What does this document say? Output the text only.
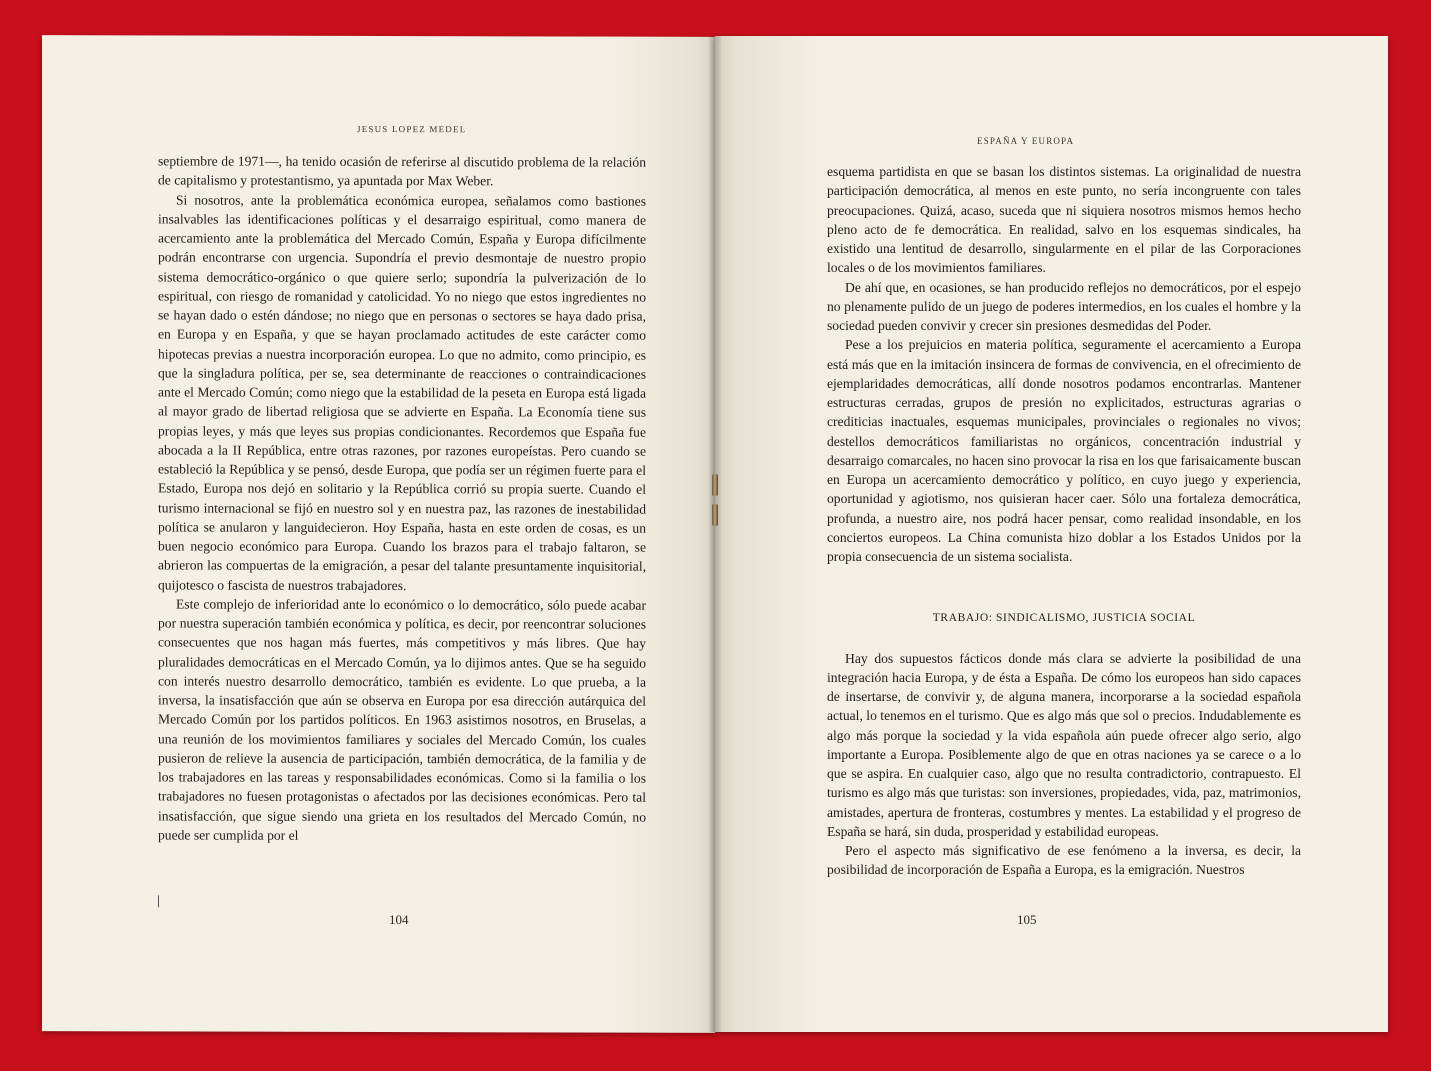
JESUS LOPEZ MEDEL

septiembre de 1971—, ha tenido ocasión de referirse al discutido problema de la relación de capitalismo y protestantismo, ya apuntada por Max Weber.

Si nosotros, ante la problemática económica europea, señalamos como bastiones insalvables las identificaciones políticas y el desarraigo espiritual, como manera de acercamiento ante la problemática del Mercado Común, España y Europa difícilmente podrán encontrarse con urgencia. Supondría el previo desmontaje de nuestro propio sistema democrático-orgánico o que quiere serlo; supondría la pulverización de lo espiritual, con riesgo de romanidad y catolicidad. Yo no niego que estos ingredientes no se hayan dado o estén dándose; no niego que en personas o sectores se haya dado prisa, en Europa y en España, y que se hayan proclamado actitudes de este carácter como hipotecas previas a nuestra incorporación europea. Lo que no admito, como principio, es que la singladura política, per se, sea determinante de reacciones o contraindicaciones ante el Mercado Común; como niego que la estabilidad de la peseta en Europa está ligada al mayor grado de libertad religiosa que se advierte en España. La Economía tiene sus propias leyes, y más que leyes sus propias condicionantes. Recordemos que España fue abocada a la II República, entre otras razones, por razones europeístas. Pero cuando se estableció la República y se pensó, desde Europa, que podía ser un régimen fuerte para el Estado, Europa nos dejó en solitario y la República corrió su propia suerte. Cuando el turismo internacional se fijó en nuestro sol y en nuestra paz, las razones de inestabilidad política se anularon y languidecieron. Hoy España, hasta en este orden de cosas, es un buen negocio económico para Europa. Cuando los brazos para el trabajo faltaron, se abrieron las compuertas de la emigración, a pesar del talante presuntamente inquisitorial, quijotesco o fascista de nuestros trabajadores.

Este complejo de inferioridad ante lo económico o lo democrático, sólo puede acabar por nuestra superación también económica y política, es decir, por reencontrar soluciones consecuentes que nos hagan más fuertes, más competitivos y más libres. Que hay pluralidades democráticas en el Mercado Común, ya lo dijimos antes. Que se ha seguido con interés nuestro desarrollo democrático, también es evidente. Lo que prueba, a la inversa, la insatisfacción que aún se observa en Europa por esa dirección autárquica del Mercado Común por los partidos políticos. En 1963 asistimos nosotros, en Bruselas, a una reunión de los movimientos familiares y sociales del Mercado Común, los cuales pusieron de relieve la ausencia de participación, también democrática, de la familia y de los trabajadores en las tareas y responsabilidades económicas. Como si la familia o los trabajadores no fuesen protagonistas o afectados por las decisiones económicas. Pero tal insatisfacción, que sigue siendo una grieta en los resultados del Mercado Común, no puede ser cumplida por el

104
ESPAÑA Y EUROPA

esquema partidista en que se basan los distintos sistemas. La originalidad de nuestra participación democrática, al menos en este punto, no sería incongruente con tales preocupaciones. Quizá, acaso, suceda que ni siquiera nosotros mismos hemos hecho pleno acto de fe democrática. En realidad, salvo en los esquemas sindicales, ha existido una lentitud de desarrollo, singularmente en el pilar de las Corporaciones locales o de los movimientos familiares.

De ahí que, en ocasiones, se han producido reflejos no democráticos, por el espejo no plenamente pulido de un juego de poderes intermedios, en los cuales el hombre y la sociedad pueden convivir y crecer sin presiones desmedidas del Poder.

Pese a los prejuicios en materia política, seguramente el acercamiento a Europa está más que en la imitación insincera de formas de convivencia, en el ofrecimiento de ejemplaridades democráticas, allí donde nosotros podamos encontrarlas. Mantener estructuras cerradas, grupos de presión no explicitados, estructuras agrarias o crediticias inactuales, esquemas municipales, provinciales o regionales no vivos; destellos democráticos familiaristas no orgánicos, concentración industrial y desarraigo comarcales, no hacen sino provocar la risa en los que farisaicamente buscan en Europa un acercamiento democrático y político, en cuyo juego y experiencia, oportunidad y agiotismo, nos quisieran hacer caer. Sólo una fortaleza democrática, profunda, a nuestro aire, nos podrá hacer pensar, como realidad insondable, en los conciertos europeos. La China comunista hizo doblar a los Estados Unidos por la propia consecuencia de un sistema socialista.

TRABAJO: SINDICALISMO, JUSTICIA SOCIAL

Hay dos supuestos fácticos donde más clara se advierte la posibilidad de una integración hacia Europa, y de ésta a España. De cómo los europeos han sido capaces de insertarse, de convivir y, de alguna manera, incorporarse a la sociedad española actual, lo tenemos en el turismo. Que es algo más que sol o precios. Indudablemente es algo más porque la sociedad y la vida española aún puede ofrecer algo serio, algo importante a Europa. Posiblemente algo de que en otras naciones ya se carece o a lo que se aspira. En cualquier caso, algo que no resulta contradictorio, contrapuesto. El turismo es algo más que turistas: son inversiones, propiedades, vida, paz, matrimonios, amistades, apertura de fronteras, costumbres y mentes. La estabilidad y el progreso de España se hará, sin duda, prosperidad y estabilidad europeas.

Pero el aspecto más significativo de ese fenómeno a la inversa, es decir, la posibilidad de incorporación de España a Europa, es la emigración. Nuestros

105
